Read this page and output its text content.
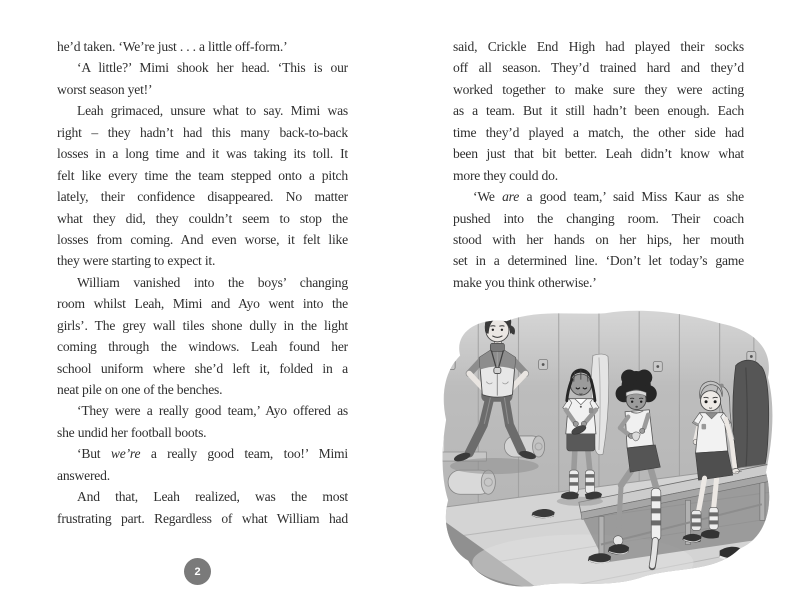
he’d taken. ‘We’re just . . . a little off-form.’
‘A little?’ Mimi shook her head. ‘This is our
worst season yet!’
Leah grimaced, unsure what to say. Mimi was
right – they hadn’t had this many back-to-back
losses in a long time and it was taking its toll. It
felt like every time the team stepped onto a pitch
lately, their confidence disappeared. No matter
what they did, they couldn’t seem to stop the
losses from coming. And even worse, it felt like
they were starting to expect it.
William vanished into the boys’ changing
room whilst Leah, Mimi and Ayo went into the
girls’. The grey wall tiles shone dully in the light
coming through the windows. Leah found her
school uniform where she’d left it, folded in a
neat pile on one of the benches.
‘They were a really good team,’ Ayo offered as
she undid her football boots.
‘But we’re a really good team, too!’ Mimi
answered.
And that, Leah realized, was the most
frustrating part. Regardless of what William had
said, Crickle End High had played their socks
off all season. They’d trained hard and they’d
worked together to make sure they were acting
as a team. But it still hadn’t been enough. Each
time they’d played a match, the other side had
been just that bit better. Leah didn’t know what
more they could do.
‘We are a good team,’ said Miss Kaur as she
pushed into the changing room. Their coach
stood with her hands on her hips, her mouth
set in a determined line. ‘Don’t let today’s game
make you think otherwise.’
2
